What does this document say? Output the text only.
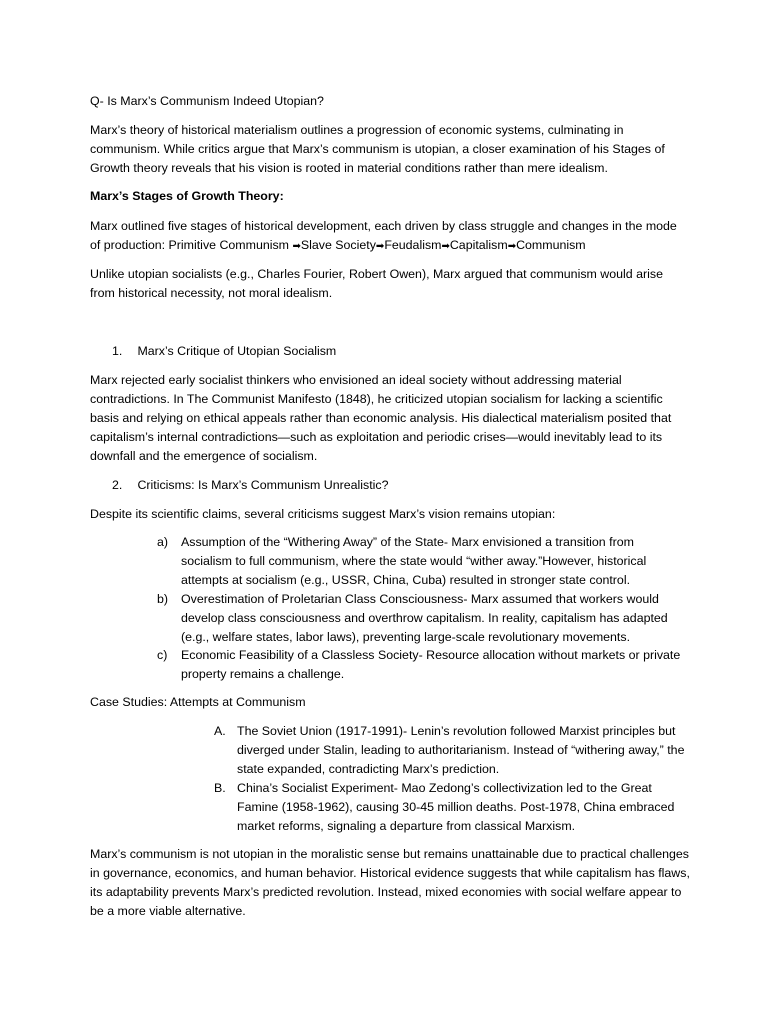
Q- Is Marx’s Communism Indeed Utopian?

Marx’s theory of historical materialism outlines a progression of economic systems, culminating in communism. While critics argue that Marx’s communism is utopian, a closer examination of his Stages of Growth theory reveals that his vision is rooted in material conditions rather than mere idealism.

Marx’s Stages of Growth Theory:

Marx outlined five stages of historical development, each driven by class struggle and changes in the mode of production: Primitive Communism ➡Slave Society➡Feudalism➡Capitalism➡Communism

Unlike utopian socialists (e.g., Charles Fourier, Robert Owen), Marx argued that communism would arise from historical necessity, not moral idealism.

1. Marx’s Critique of Utopian Socialism

Marx rejected early socialist thinkers who envisioned an ideal society without addressing material contradictions. In The Communist Manifesto (1848), he criticized utopian socialism for lacking a scientific basis and relying on ethical appeals rather than economic analysis. His dialectical materialism posited that capitalism’s internal contradictions—such as exploitation and periodic crises—would inevitably lead to its downfall and the emergence of socialism.

2. Criticisms: Is Marx’s Communism Unrealistic?

Despite its scientific claims, several criticisms suggest Marx’s vision remains utopian:

a) Assumption of the “Withering Away” of the State- Marx envisioned a transition from socialism to full communism, where the state would “wither away.”However, historical attempts at socialism (e.g., USSR, China, Cuba) resulted in stronger state control.
b) Overestimation of Proletarian Class Consciousness- Marx assumed that workers would develop class consciousness and overthrow capitalism. In reality, capitalism has adapted (e.g., welfare states, labor laws), preventing large-scale revolutionary movements.
c) Economic Feasibility of a Classless Society- Resource allocation without markets or private property remains a challenge.

Case Studies: Attempts at Communism

A. The Soviet Union (1917-1991)- Lenin’s revolution followed Marxist principles but diverged under Stalin, leading to authoritarianism. Instead of “withering away,” the state expanded, contradicting Marx’s prediction.
B. China’s Socialist Experiment- Mao Zedong’s collectivization led to the Great Famine (1958-1962), causing 30-45 million deaths. Post-1978, China embraced market reforms, signaling a departure from classical Marxism.

Marx’s communism is not utopian in the moralistic sense but remains unattainable due to practical challenges in governance, economics, and human behavior. Historical evidence suggests that while capitalism has flaws, its adaptability prevents Marx’s predicted revolution. Instead, mixed economies with social welfare appear to be a more viable alternative.
